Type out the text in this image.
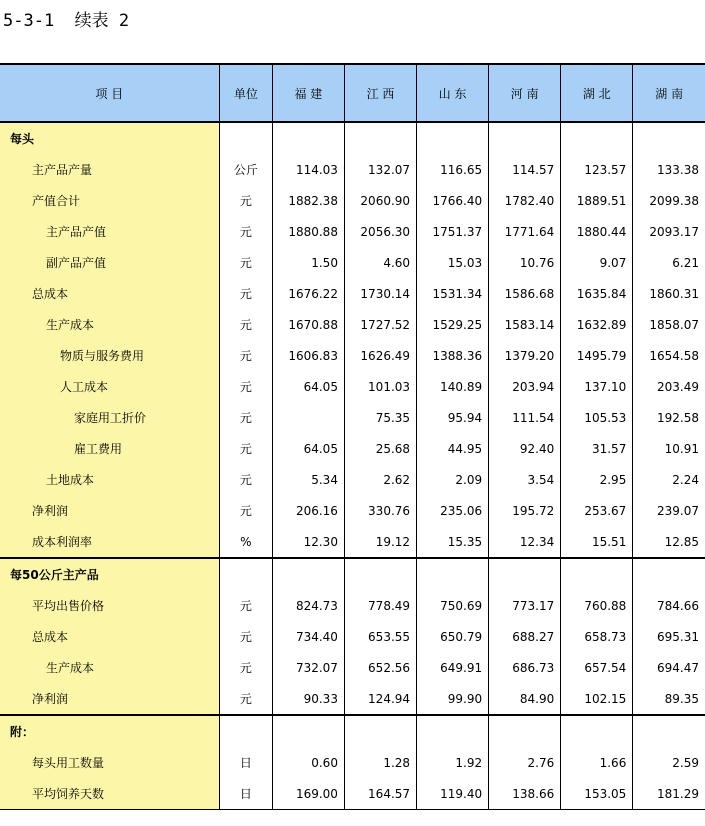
5-3-1  续表 2
项 目	单位	福 建	江 西	山 东	河 南	湖 北	湖 南
每头							
主产品产量	公斤	114.03	132.07	116.65	114.57	123.57	133.38
产值合计	元	1882.38	2060.90	1766.40	1782.40	1889.51	2099.38
主产品产值	元	1880.88	2056.30	1751.37	1771.64	1880.44	2093.17
副产品产值	元	1.50	4.60	15.03	10.76	9.07	6.21
总成本	元	1676.22	1730.14	1531.34	1586.68	1635.84	1860.31
生产成本	元	1670.88	1727.52	1529.25	1583.14	1632.89	1858.07
物质与服务费用	元	1606.83	1626.49	1388.36	1379.20	1495.79	1654.58
人工成本	元	64.05	101.03	140.89	203.94	137.10	203.49
家庭用工折价	元		75.35	95.94	111.54	105.53	192.58
雇工费用	元	64.05	25.68	44.95	92.40	31.57	10.91
土地成本	元	5.34	2.62	2.09	3.54	2.95	2.24
净利润	元	206.16	330.76	235.06	195.72	253.67	239.07
成本利润率	%	12.30	19.12	15.35	12.34	15.51	12.85
每50公斤主产品							
平均出售价格	元	824.73	778.49	750.69	773.17	760.88	784.66
总成本	元	734.40	653.55	650.79	688.27	658.73	695.31
生产成本	元	732.07	652.56	649.91	686.73	657.54	694.47
净利润	元	90.33	124.94	99.90	84.90	102.15	89.35
附：							
每头用工数量	日	0.60	1.28	1.92	2.76	1.66	2.59
平均饲养天数	日	169.00	164.57	119.40	138.66	153.05	181.29
